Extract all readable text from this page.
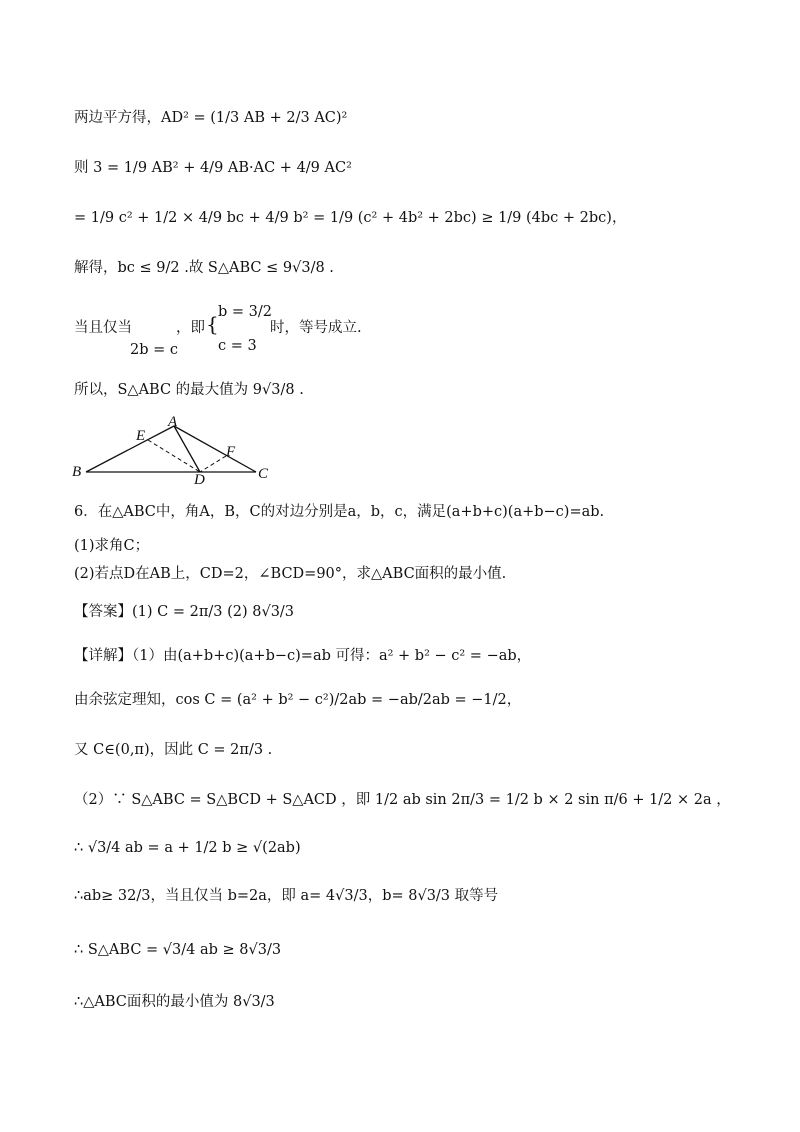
两边平方得，AD² = (1/3 AB + 2/3 AC)²
则 3 = 1/9 AB² + 4/9 AB·AC + 4/9 AC²
= 1/9 c² + 1/2 × 4/9 bc + 4/9 b² = 1/9 (c² + 4b² + 2bc) ≥ 1/9 (4bc + 2bc)，
解得，bc ≤ 9/2 .故 S△ABC ≤ 9√3/8 .
当且仅当
2b = c
，即 { b = 3/2
c = 3
时，等号成立.
所以，S△ABC 的最大值为 9√3/8 .
A
B	C
D
E
F
6．在△ABC中，角A，B，C的对边分别是a，b，c，满足(a+b+c)(a+b−c)=ab.
(1)求角C；
(2)若点D在AB上，CD=2，∠BCD=90°，求△ABC面积的最小值.
【答案】(1) C = 2π/3 (2) 8√3/3
【详解】（1）由(a+b+c)(a+b−c)=ab 可得：a² + b² − c² = −ab，
由余弦定理知，cos C = (a² + b² − c²)/2ab = −ab/2ab = −1/2，
又 C∈(0,π)，因此 C = 2π/3 .
（2）∵ S△ABC = S△BCD + S△ACD ，即 1/2 ab sin 2π/3 = 1/2 b × 2 sin π/6 + 1/2 × 2a ，
∴ √3/4 ab = a + 1/2 b ≥ √(2ab)
∴ab≥ 32/3，当且仅当 b=2a，即 a= 4√3/3，b= 8√3/3 取等号
∴ S△ABC = √3/4 ab ≥ 8√3/3
∴△ABC面积的最小值为 8√3/3
